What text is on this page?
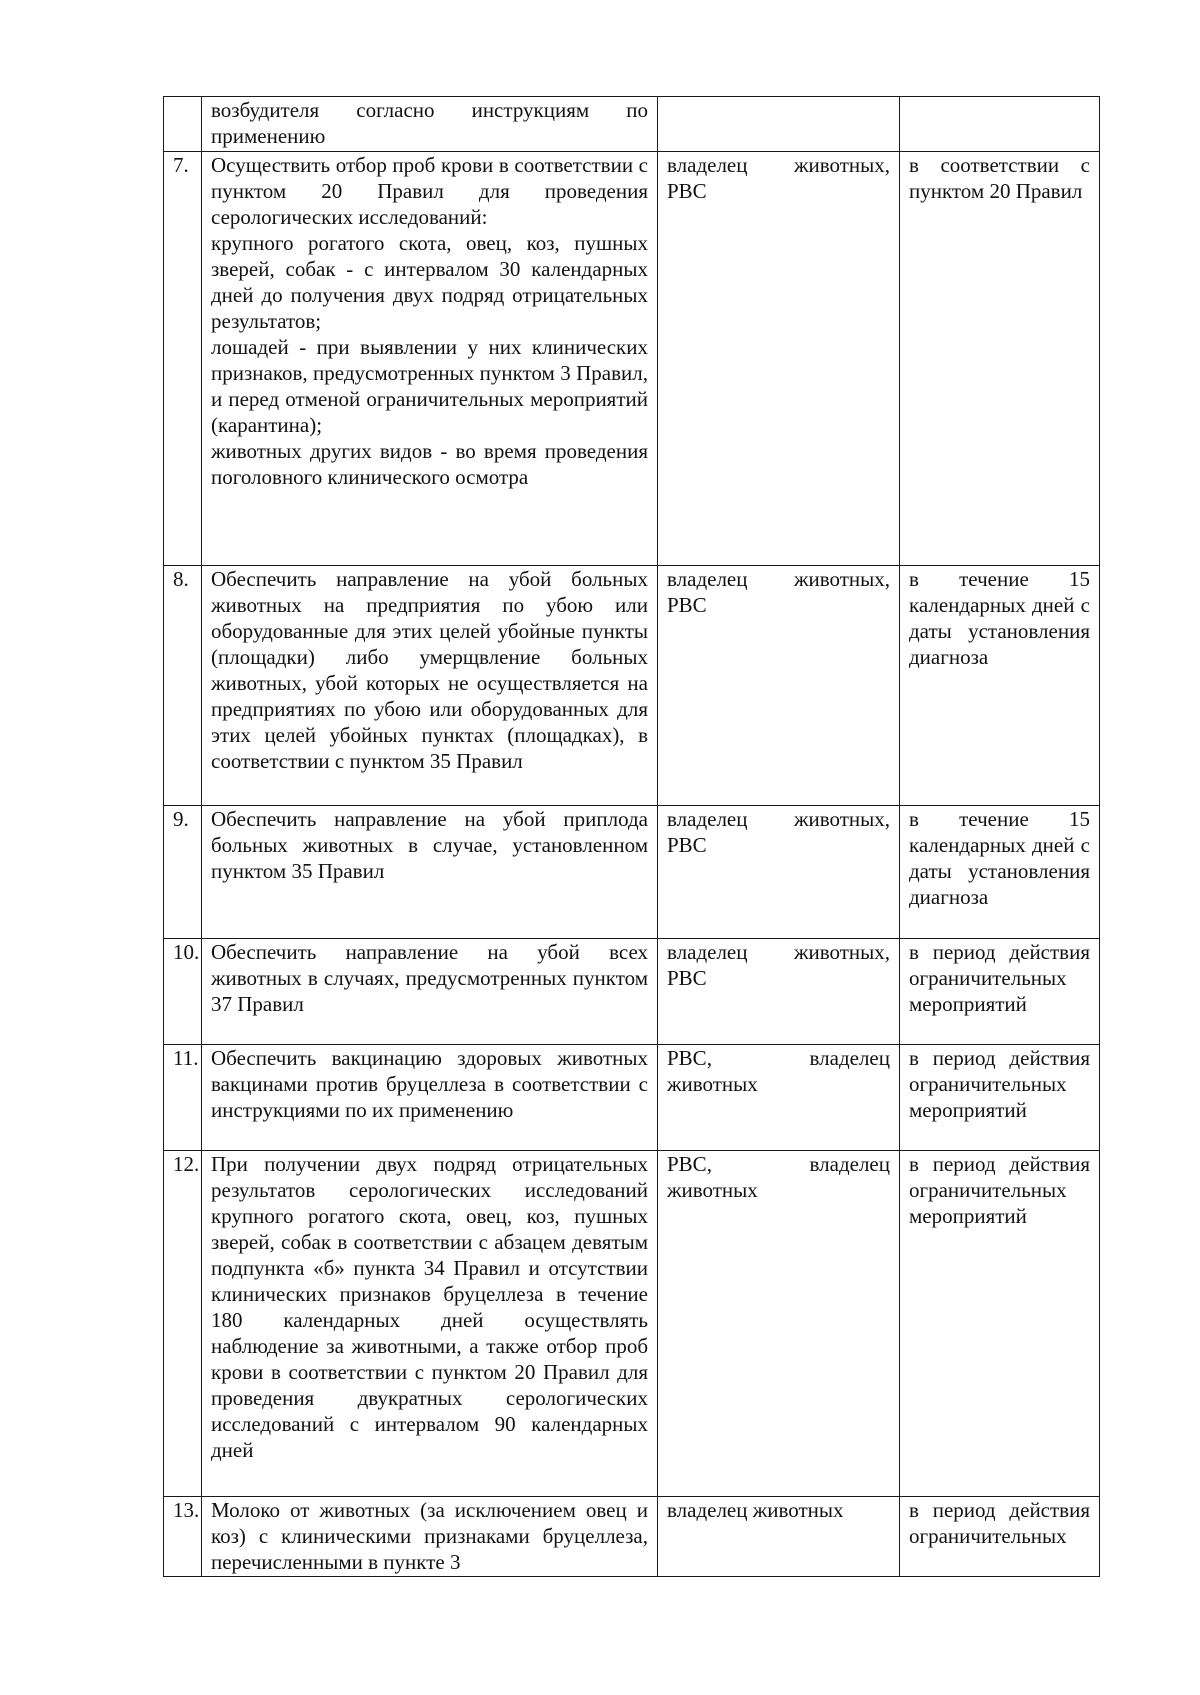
	возбудителя согласно инструкциям по применению		

7.	Осуществить отбор проб крови в соответствии с пунктом 20 Правил для проведения серологических исследований:
крупного рогатого скота, овец, коз, пушных зверей, собак - с интервалом 30 календарных дней до получения двух подряд отрицательных результатов;
лошадей - при выявлении у них клинических признаков, предусмотренных пунктом 3 Правил, и перед отменой ограничительных мероприятий (карантина);
животных других видов - во время проведения поголовного клинического осмотра	владелец животных, РВС	в соответствии с пунктом 20 Правил
8.	Обеспечить направление на убой больных животных на предприятия по убою или оборудованные для этих целей убойные пункты (площадки) либо умерщвление больных животных, убой которых не осуществляется на предприятиях по убою или оборудованных для этих целей убойных пунктах (площадках), в соответствии с пунктом 35 Правил	владелец животных, РВС	в течение 15 календарных дней с даты установления диагноза
9.	Обеспечить направление на убой приплода больных животных в случае, установленном пунктом 35 Правил	владелец животных, РВС	в течение 15 календарных дней с даты установления диагноза
10.	Обеспечить направление на убой всех животных в случаях, предусмотренных пунктом 37 Правил	владелец животных, РВС	в период действия ограничительных мероприятий
11.	Обеспечить вакцинацию здоровых животных вакцинами против бруцеллеза в соответствии с инструкциями по их применению	РВС, владелец животных	в период действия ограничительных мероприятий
12.	При получении двух подряд отрицательных результатов серологических исследований крупного рогатого скота, овец, коз, пушных зверей, собак в соответствии с абзацем девятым подпункта «б» пункта 34 Правил и отсутствии клинических признаков бруцеллеза в течение 180 календарных дней осуществлять наблюдение за животными, а также отбор проб крови в соответствии с пунктом 20 Правил для проведения двукратных серологических исследований с интервалом 90 календарных дней	РВС, владелец животных	в период действия ограничительных мероприятий
13.	Молоко от животных (за исключением овец и коз) с клиническими признаками бруцеллеза, перечисленными в пункте 3	владелец животных	в период действия ограничительных
